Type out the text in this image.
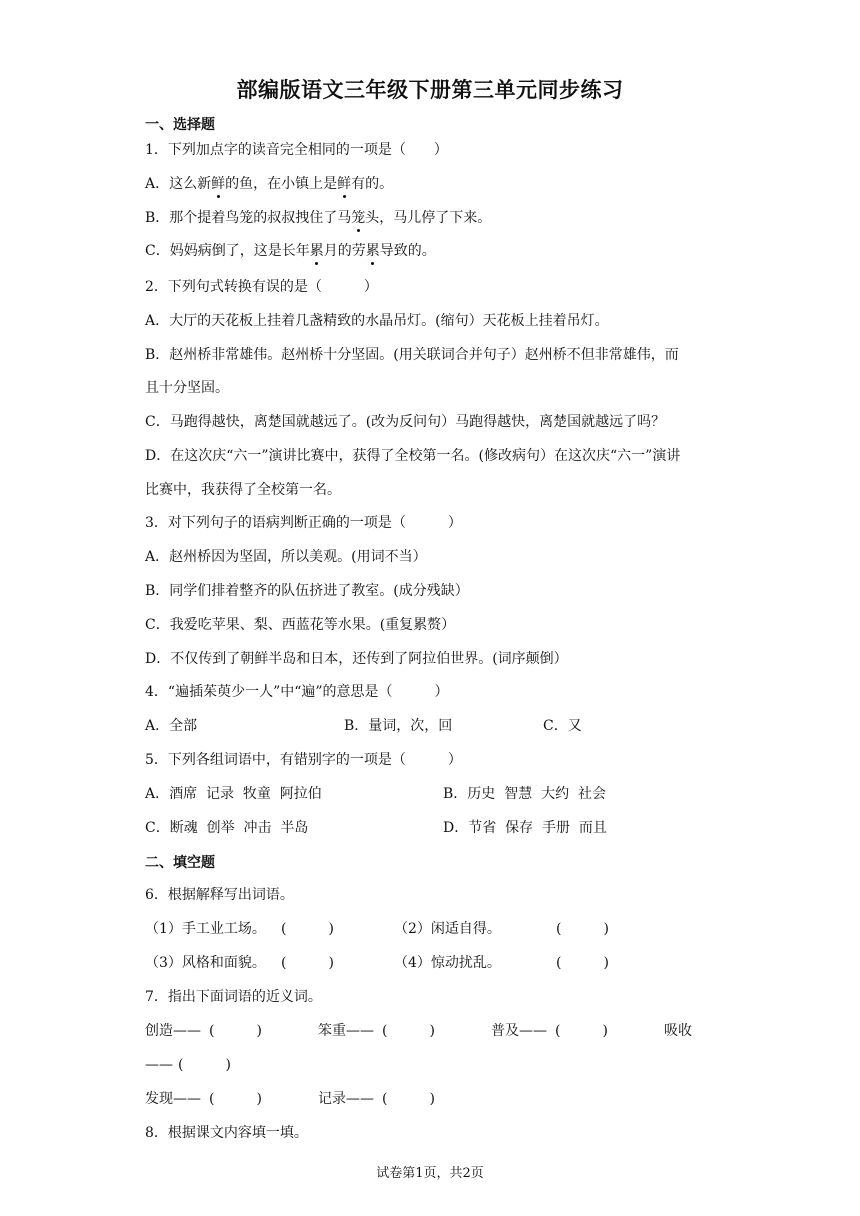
部编版语文三年级下册第三单元同步练习
一、选择题
1．下列加点字的读音完全相同的一项是（　　）
A．这么新鲜的鱼，在小镇上是鲜有的。
B．那个提着鸟笼的叔叔拽住了马笼头，马儿停了下来。
C．妈妈病倒了，这是长年累月的劳累导致的。
2．下列句式转换有误的是（　　　）
A．大厅的天花板上挂着几盏精致的水晶吊灯。(缩句）天花板上挂着吊灯。
B．赵州桥非常雄伟。赵州桥十分坚固。(用关联词合并句子）赵州桥不但非常雄伟，而
且十分坚固。
C．马跑得越快，离楚国就越远了。(改为反问句）马跑得越快，离楚国就越远了吗？
D．在这次庆“六一”演讲比赛中，获得了全校第一名。(修改病句）在这次庆“六一”演讲
比赛中，我获得了全校第一名。
3．对下列句子的语病判断正确的一项是（　　　）
A．赵州桥因为坚固，所以美观。(用词不当）
B．同学们排着整齐的队伍挤进了教室。(成分残缺）
C．我爱吃苹果、梨、西蓝花等水果。(重复累赘）
D．不仅传到了朝鲜半岛和日本，还传到了阿拉伯世界。(词序颠倒）
4．“遍插茱萸少一人”中“遍”的意思是（　　　）
A．全部	B．量词，次，回	C．又
5．下列各组词语中，有错别字的一项是（　　　）
A．酒席  记录  牧童  阿拉伯	B．历史  智慧  大约  社会
C．断魂  创举  冲击  半岛	D．节省  保存  手册  而且
二、填空题
6．根据解释写出词语。
（1）手工业工场。 (　　　)	（2）闲适自得。	(　　　)
（3）风格和面貌。 (　　　)	（4）惊动扰乱。	(　　　)
7．指出下面词语的近义词。
创造—— (　　　)	笨重—— (　　　)	普及—— (　　　)	吸收
—— (　　　)
发现—— (　　　)	记录—— (　　　)
8．根据课文内容填一填。
试卷第1页，共2页
